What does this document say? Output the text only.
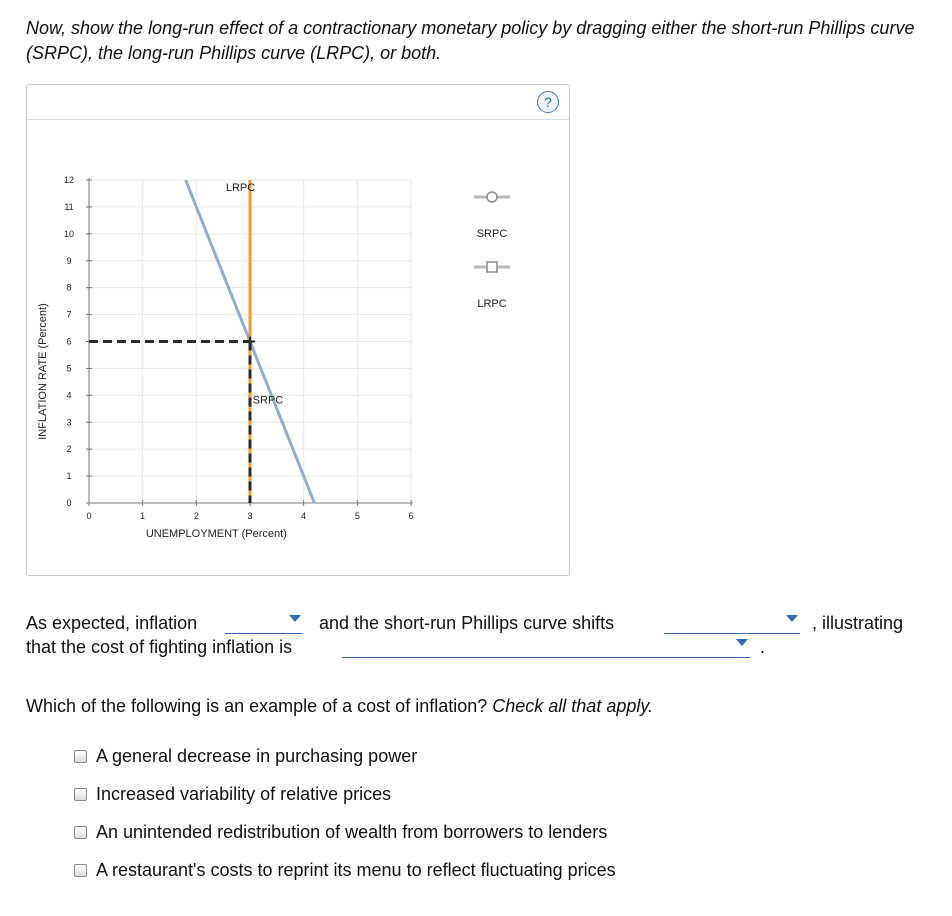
Now, show the long-run effect of a contractionary monetary policy by dragging either the short-run Phillips curve (SRPC), the long-run Phillips curve (LRPC), or both.
?
0	1	2	3	4	5	6
0
1
2
3
4
5
6
7
8
9
10
11
12
UNEMPLOYMENT (Percent)
INFLATION RATE (Percent)	SRPC
LRPC
SRPC
LRPC
As expected, inflation	and the short-run Phillips curve shifts	, illustrating
that the cost of fighting inflation is	.
Which of the following is an example of a cost of inflation? Check all that apply.
A general decrease in purchasing power
Increased variability of relative prices
An unintended redistribution of wealth from borrowers to lenders
A restaurant's costs to reprint its menu to reflect fluctuating prices
